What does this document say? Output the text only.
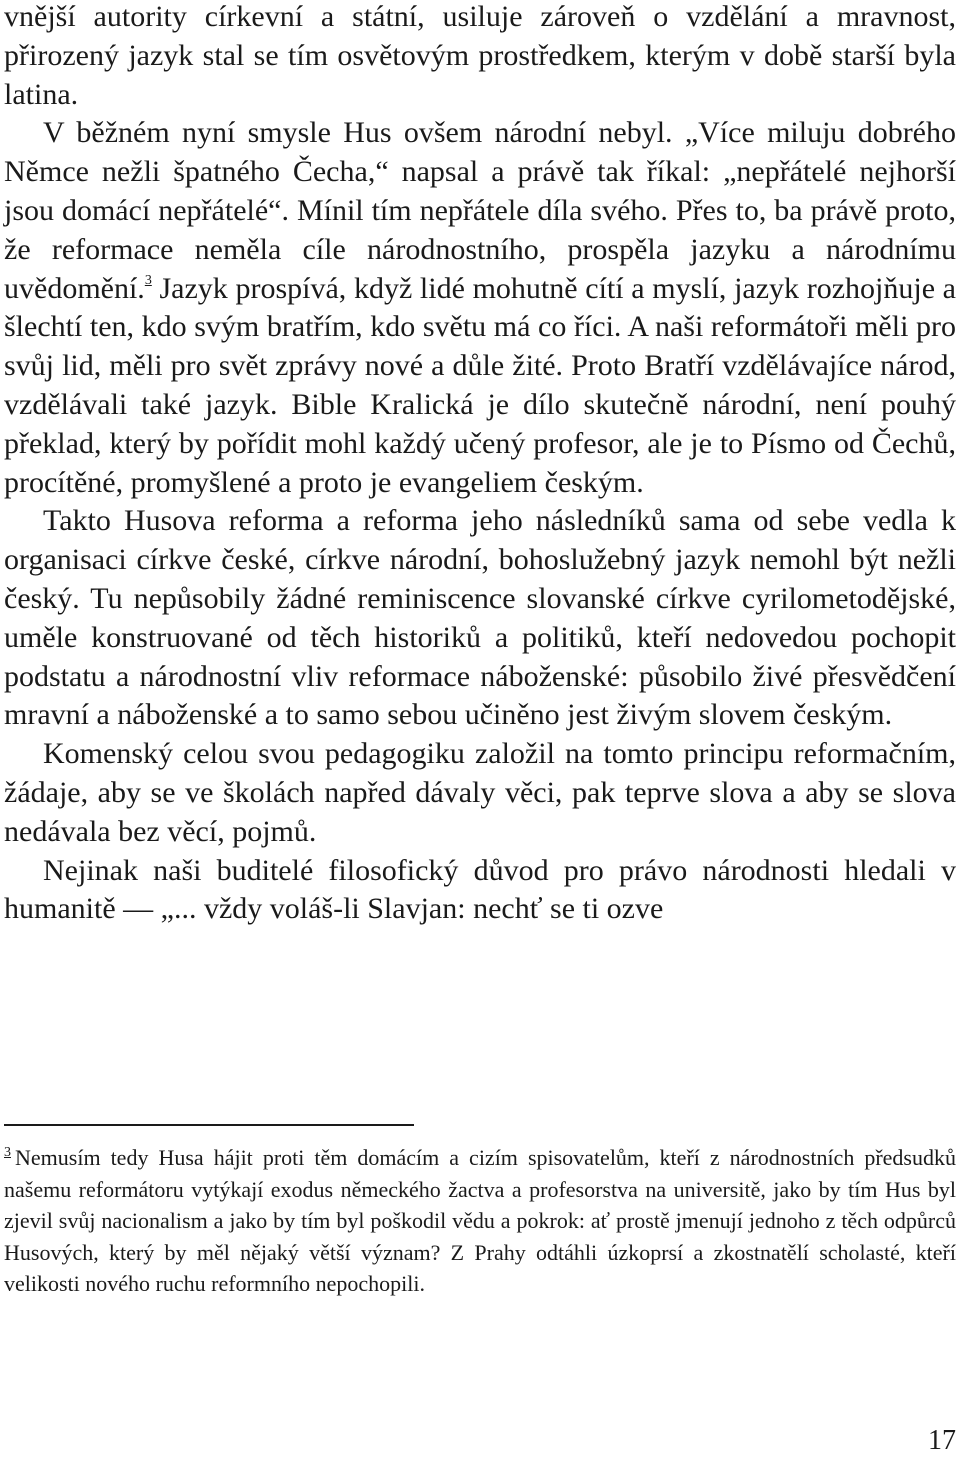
vnější autority církevní a státní, usiluje zároveň o vzdělání a mravnost, přirozený jazyk stal se tím osvětovým prostředkem, kterým v době starší byla latina.

V běžném nyní smysle Hus ovšem národní nebyl. „Více miluju dobrého Němce nežli špatného Čecha,“ napsal a právě tak říkal: „nepřátelé nejhorší jsou domácí nepřátelé“. Mínil tím nepřátele díla svého. Přes to, ba právě proto, že reformace neměla cíle národnostního, prospěla jazyku a národnímu uvědomění.$^3$ Jazyk prospívá, když lidé mohutně cítí a myslí, jazyk rozhojňuje a šlechtí ten, kdo svým bratřím, kdo světu má co říci. A naši reformátoři měli pro svůj lid, měli pro svět zprávy nové a důle žité. Proto Bratří vzdělávajíce národ, vzdělávali také jazyk. Bible Kralická je dílo skutečně národní, není pouhý překlad, který by pořídit mohl každý učený profesor, ale je to Písmo od Čechů, procítěné, promyšlené a proto je evangeliem českým.

Takto Husova reforma a reforma jeho následníků sama od sebe vedla k organisaci církve české, církve národní, bohoslužebný jazyk nemohl být nežli český. Tu nepůsobily žádné reminiscence slovanské církve cyrilometodějské, uměle konstruované od těch historiků a politiků, kteří nedovedou pochopit podstatu a národnostní vliv reformace náboženské: působilo živé přesvědčení mravní a náboženské a to samo sebou učiněno jest živým slovem českým.

Komenský celou svou pedagogiku založil na tomto principu reformačním, žádaje, aby se ve školách napřed dávaly věci, pak teprve slova a aby se slova nedávala bez věcí, pojmů.

Nejinak naši buditelé filosofický důvod pro právo národnosti hledali v humanitě — „... vždy voláš-li Slavjan: nechť se ti ozve

$^3$ Nemusím tedy Husa hájit proti těm domácím a cizím spisovatelům, kteří z národnostních předsudků našemu reformátoru vytýkají exodus německého žactva a profesorstva na universitě, jako by tím Hus byl zjevil svůj nacionalism a jako by tím byl poškodil vědu a pokrok: ať prostě jmenují jednoho z těch odpůrců Husových, který by měl nějaký větší význam? Z Prahy odtáhli úzkoprsí a zkostnatělí scholasté, kteří velikosti nového ruchu reformního nepochopili.

17
